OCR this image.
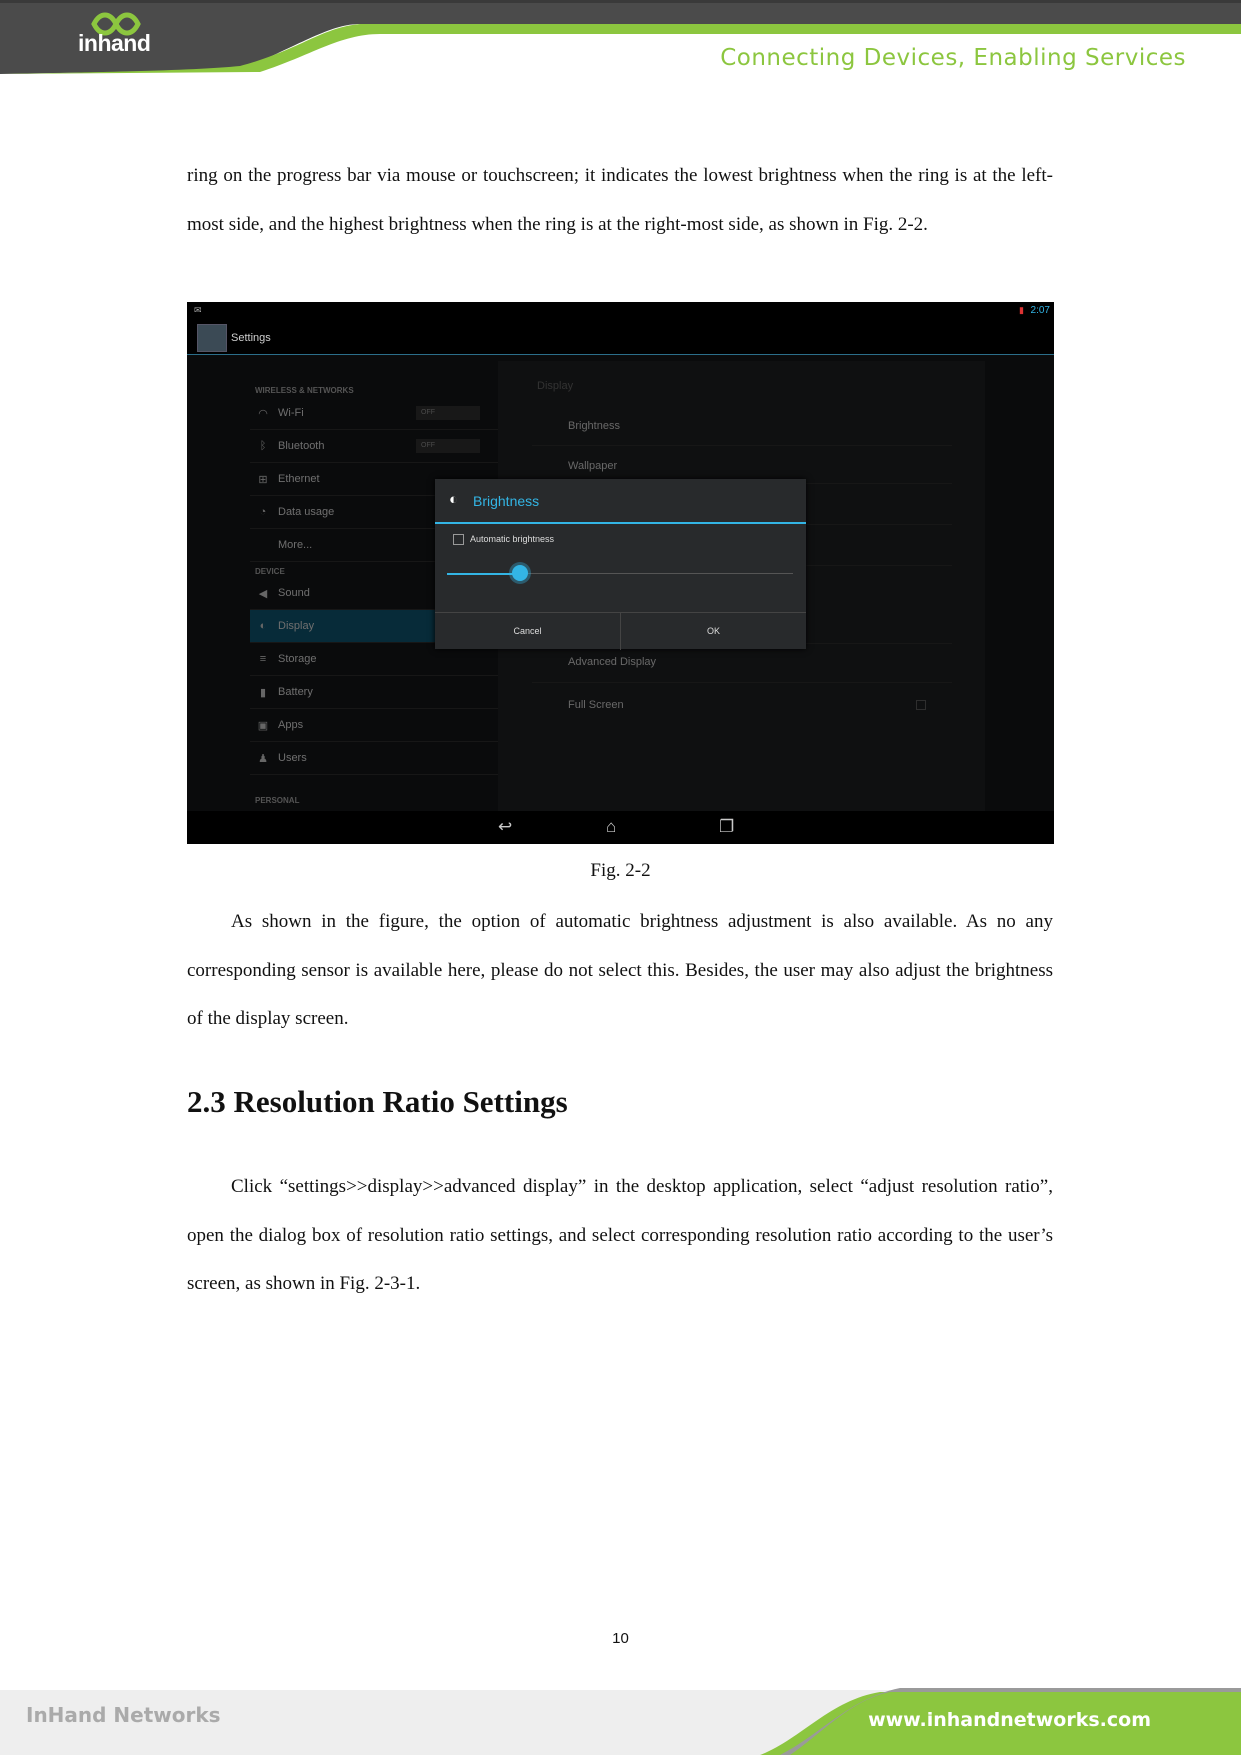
inhand
Connecting Devices, Enabling Services

ring on the progress bar via mouse or touchscreen; it indicates the lowest brightness when the ring is at the left-most side, and the highest brightness when the ring is at the right-most side, as shown in Fig. 2-2.

✉	▮ 2:07
Settings
WIRELESS & NETWORKS
◠ Wi-Fi	OFF
ᛒ	Bluetooth	OFF
⊞ Ethernet
◔	Data usage
More...
DEVICE
◀ Sound
◐	Display
≡	Storage
▮	Battery
▣ Apps
♟ Users
PERSONAL
Display
Brightness
Wallpaper
Advanced Display
Full Screen
◐ Brightness
Automatic brightness
Cancel	OK
↩	⌂	❐
Fig. 2-2

As shown in the figure, the option of automatic brightness adjustment is also available. As no any corresponding sensor is available here, please do not select this. Besides, the user may also adjust the brightness of the display screen.

2.3 Resolution Ratio Settings

Click “settings>>display>>advanced display” in the desktop application, select “adjust resolution ratio”, open the dialog box of resolution ratio settings, and select corresponding resolution ratio according to the user’s screen, as shown in Fig. 2-3-1.

10
InHand Networks	www.inhandnetworks.com
